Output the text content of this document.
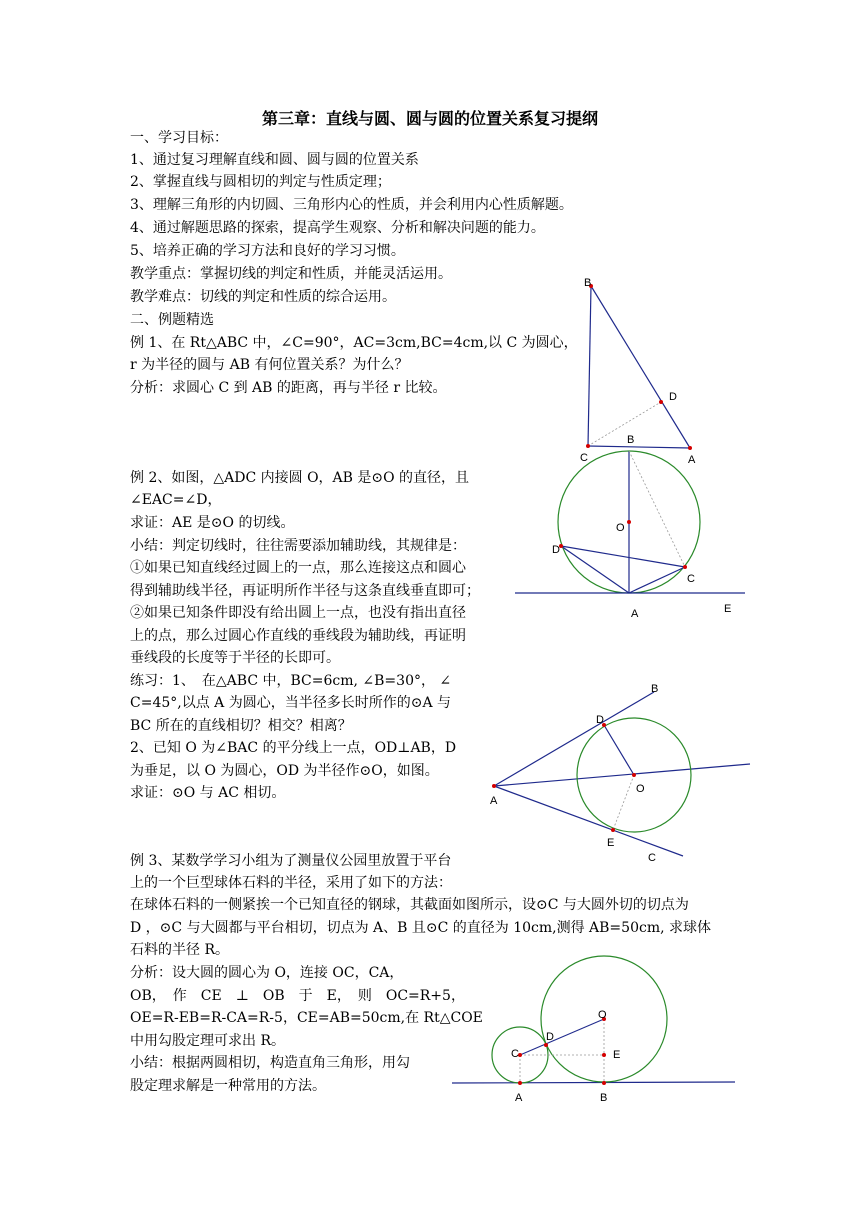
第三章：直线与圆、圆与圆的位置关系复习提纲
一、学习目标：
1、通过复习理解直线和圆、圆与圆的位置关系
2、掌握直线与圆相切的判定与性质定理；
3、理解三角形的内切圆、三角形内心的性质，并会利用内心性质解题。
4、通过解题思路的探索，提高学生观察、分析和解决问题的能力。
5、培养正确的学习方法和良好的学习习惯。
教学重点：掌握切线的判定和性质，并能灵活运用。
教学难点：切线的判定和性质的综合运用。
二、例题精选
例 1、在 Rt△ABC 中，∠C=90°，AC=3cm,BC=4cm,以 C 为圆心，
r 为半径的圆与 AB 有何位置关系？为什么？
分析：求圆心 C 到 AB 的距离，再与半径 r 比较。
B
D
C	A
例 2、如图，△ADC 内接圆 O，AB 是⊙O 的直径，且
∠EAC=∠D，
求证：AE 是⊙O 的切线。
小结：判定切线时，往往需要添加辅助线，其规律是：
①如果已知直线经过圆上的一点，那么连接这点和圆心
得到辅助线半径，再证明所作半径与这条直线垂直即可；
②如果已知条件即没有给出圆上一点，也没有指出直径
上的点，那么过圆心作直线的垂线段为辅助线，再证明
垂线段的长度等于半径的长即可。
B
O
D
C
A	E
练习：1、　在△ABC 中，BC=6cm, ∠B=30°， ∠
C=45°,以点 A 为圆心，当半径多长时所作的⊙A 与
BC 所在的直线相切？相交？相离？
2、已知 O 为∠BAC 的平分线上一点，OD⊥AB，D
为垂足，以 O 为圆心，OD 为半径作⊙O，如图。
求证：⊙O 与 AC 相切。
B
D
A
O
E
C
例 3、某数学学习小组为了测量仪公园里放置于平台
上的一个巨型球体石料的半径，采用了如下的方法：
在球体石料的一侧紧挨一个已知直径的钢球，其截面如图所示，设⊙C 与大圆外切的切点为
D ，⊙C 与大圆都与平台相切，切点为 A、B 且⊙C 的直径为 10cm,测得 AB=50cm, 求球体
石料的半径 R。
分析：设大圆的圆心为 O，连接 OC，CA，
OB，　作　CE　⊥　OB　于　E，　则　OC=R+5，
OE=R-EB=R-CA=R-5，CE=AB=50cm,在 Rt△COE
中用勾股定理可求出 R。
小结：根据两圆相切，构造直角三角形，用勾
股定理求解是一种常用的方法。
O
D
C	E
A	B
